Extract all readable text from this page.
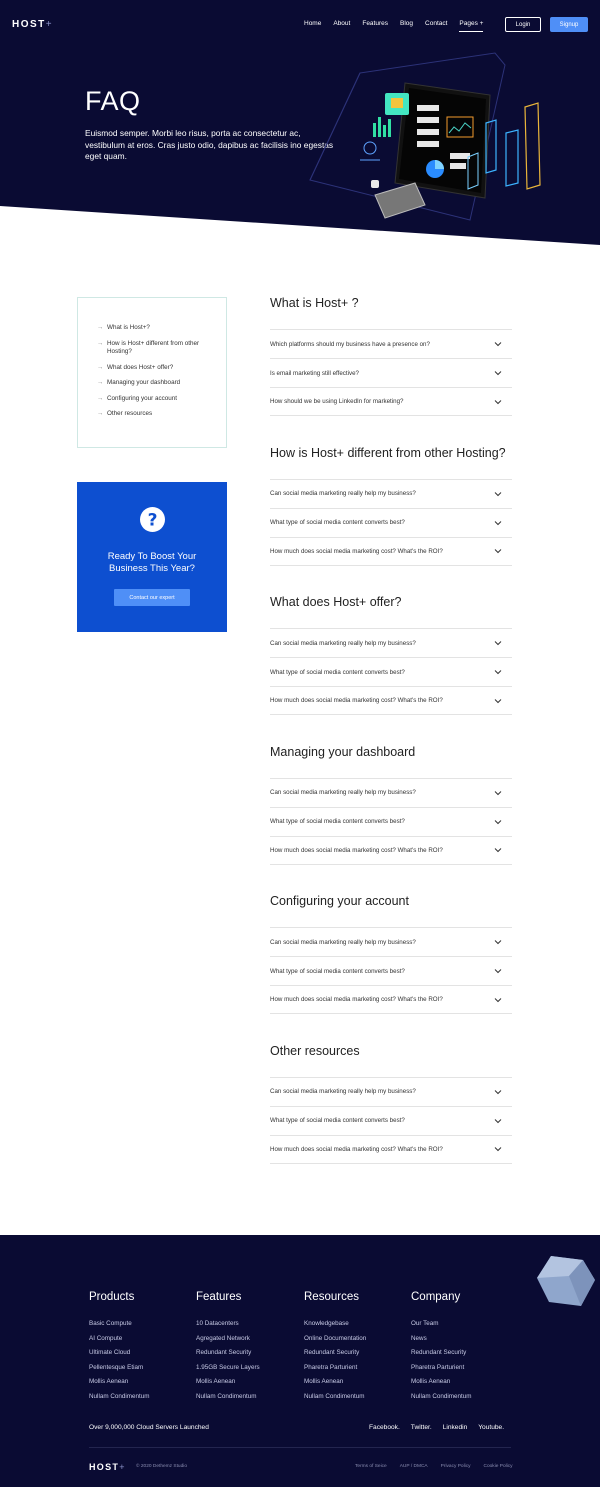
HOST+	Home About Features Blog Contact Pages +	Login	Signup
FAQ

Euismod semper. Morbi leo risus, porta ac consectetur ac, vestibulum at eros. Cras justo odio, dapibus ac facilisis ino egestas eget quam.

→ What is Host+?
→ How is Host+ different from other Hosting?
→ What does Host+ offer?
→ Managing your dashboard
→ Configuring your account
→ Other resources
?
Ready To Boost Your Business This Year?
Contact our expert
What is Host+ ?
Which platforms should my business have a presence on?
Is email marketing still effective?
How should we be using LinkedIn for marketing?
How is Host+ different from other Hosting?
Can social media marketing really help my business?
What type of social media content converts best?
How much does social media marketing cost? What's the ROI?
What does Host+ offer?
Can social media marketing really help my business?
What type of social media content converts best?
How much does social media marketing cost? What's the ROI?
Managing your dashboard
Can social media marketing really help my business?
What type of social media content converts best?
How much does social media marketing cost? What's the ROI?
Configuring your account
Can social media marketing really help my business?
What type of social media content converts best?
How much does social media marketing cost? What's the ROI?
Other resources
Can social media marketing really help my business?
What type of social media content converts best?
How much does social media marketing cost? What's the ROI?
Products
Basic Compute
AI Compute
Ultimate Cloud
Pellentesque Etiam
Mollis Aenean
Nullam Condimentum
Features
10 Datacenters
Agregated Network
Redundant Security
1.95GB Secure Layers
Mollis Aenean
Nullam Condimentum
Resources
Knowledgebase
Online Documentation
Redundant Security
Pharetra Parturient
Mollis Aenean
Nullam Condimentum
Company
Our Team
News
Redundant Security
Pharetra Parturient
Mollis Aenean
Nullam Condimentum
Over 9,000,000 Cloud Servers Launched	Facebook. Twitter. Linkedin Youtube.
HOST+ © 2020 Dethemz Studio	Terms of Seice	AUP / DMCA	Privacy Policy	Cookie Policy
